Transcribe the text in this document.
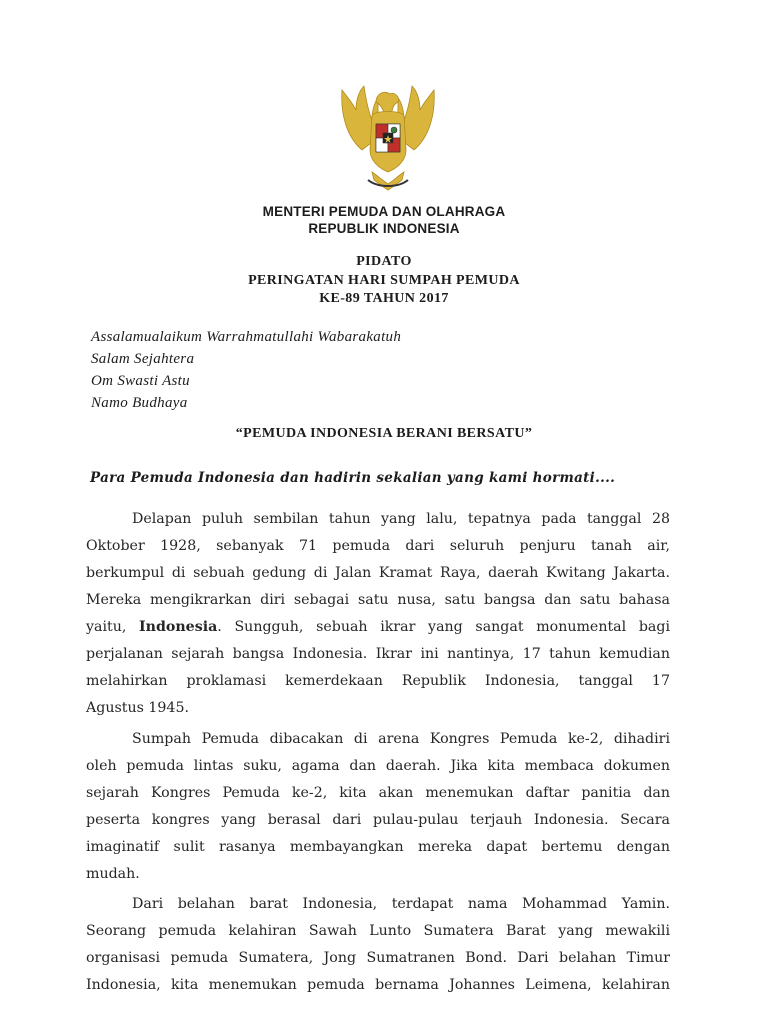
MENTERI PEMUDA DAN OLAHRAGA
REPUBLIK INDONESIA
PIDATO
PERINGATAN HARI SUMPAH PEMUDA
KE-89 TAHUN 2017
Assalamualaikum Warrahmatullahi Wabarakatuh
Salam Sejahtera
Om Swasti Astu
Namo Budhaya
“PEMUDA INDONESIA BERANI BERSATU”
Para Pemuda Indonesia dan hadirin sekalian yang kami hormati....
Delapan puluh sembilan tahun yang lalu, tepatnya pada tanggal 28
Oktober 1928, sebanyak 71 pemuda dari seluruh penjuru tanah air,
berkumpul di sebuah gedung di Jalan Kramat Raya, daerah Kwitang Jakarta.
Mereka mengikrarkan diri sebagai satu nusa, satu bangsa dan satu bahasa
yaitu, Indonesia. Sungguh, sebuah ikrar yang sangat monumental bagi
perjalanan sejarah bangsa Indonesia. Ikrar ini nantinya, 17 tahun kemudian
melahirkan proklamasi kemerdekaan Republik Indonesia, tanggal 17
Agustus 1945.
Sumpah Pemuda dibacakan di arena Kongres Pemuda ke-2, dihadiri
oleh pemuda lintas suku, agama dan daerah. Jika kita membaca dokumen
sejarah Kongres Pemuda ke-2, kita akan menemukan daftar panitia dan
peserta kongres yang berasal dari pulau-pulau terjauh Indonesia. Secara
imaginatif sulit rasanya membayangkan mereka dapat bertemu dengan
mudah.
Dari belahan barat Indonesia, terdapat nama Mohammad Yamin.
Seorang pemuda kelahiran Sawah Lunto Sumatera Barat yang mewakili
organisasi pemuda Sumatera, Jong Sumatranen Bond. Dari belahan Timur
Indonesia, kita menemukan pemuda bernama Johannes Leimena, kelahiran
